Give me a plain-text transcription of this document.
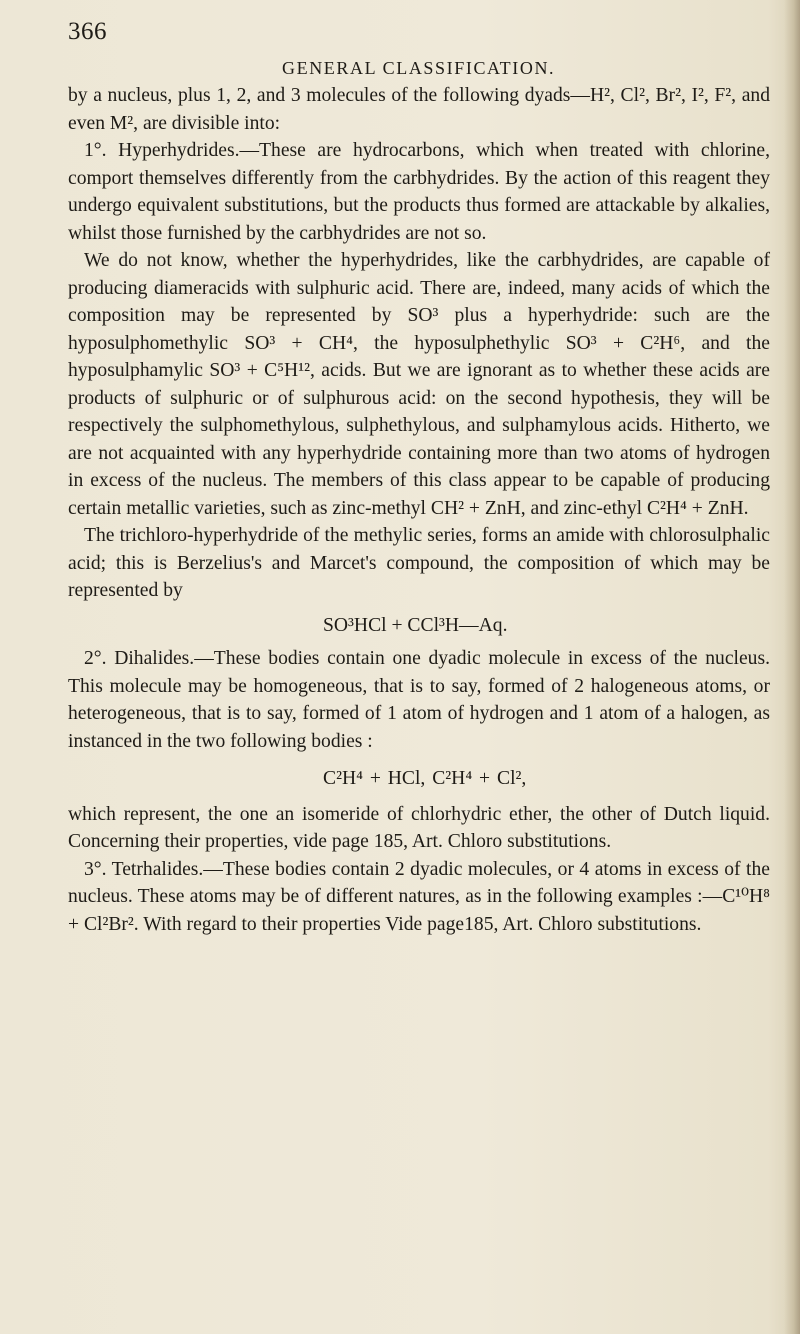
366
GENERAL CLASSIFICATION.

by a nucleus, plus 1, 2, and 3 molecules of the following dyads—H², Cl², Br², I², F², and even M², are divisible into:

1°. Hyperhydrides.—These are hydrocarbons, which when treated with chlorine, comport themselves differently from the carbhydrides. By the action of this reagent they undergo equivalent substitutions, but the products thus formed are attackable by alkalies, whilst those furnished by the carbhydrides are not so.

We do not know, whether the hyperhydrides, like the carbhydrides, are capable of producing diameracids with sulphuric acid. There are, indeed, many acids of which the composition may be represented by SO³ plus a hyperhydride: such are the hyposulphomethylic SO³ + CH⁴, the hyposulphethylic SO³ + C²H⁶, and the hyposulphamylic SO³ + C⁵H¹², acids. But we are ignorant as to whether these acids are products of sulphuric or of sulphurous acid: on the second hypothesis, they will be respectively the sulphomethylous, sulphethylous, and sulphamylous acids. Hitherto, we are not acquainted with any hyperhydride containing more than two atoms of hydrogen in excess of the nucleus. The members of this class appear to be capable of producing certain metallic varieties, such as zinc-methyl CH² + ZnH, and zinc-ethyl C²H⁴ + ZnH.

The trichloro-hyperhydride of the methylic series, forms an amide with chlorosulphalic acid; this is Berzelius's and Marcet's compound, the composition of which may be represented by

SO³HCl + CCl³H—Aq.

2°. Dihalides.—These bodies contain one dyadic molecule in excess of the nucleus. This molecule may be homogeneous, that is to say, formed of 2 halogeneous atoms, or heterogeneous, that is to say, formed of 1 atom of hydrogen and 1 atom of a halogen, as instanced in the two following bodies :

C²H⁴ + HCl, C²H⁴ + Cl²,

which represent, the one an isomeride of chlorhydric ether, the other of Dutch liquid. Concerning their properties, vide page 185, Art. Chloro substitutions.

3°. Tetrhalides.—These bodies contain 2 dyadic molecules, or 4 atoms in excess of the nucleus. These atoms may be of different natures, as in the following examples :—C¹⁰H⁸ + Cl²Br². With regard to their properties Vide page185, Art. Chloro substitutions.
